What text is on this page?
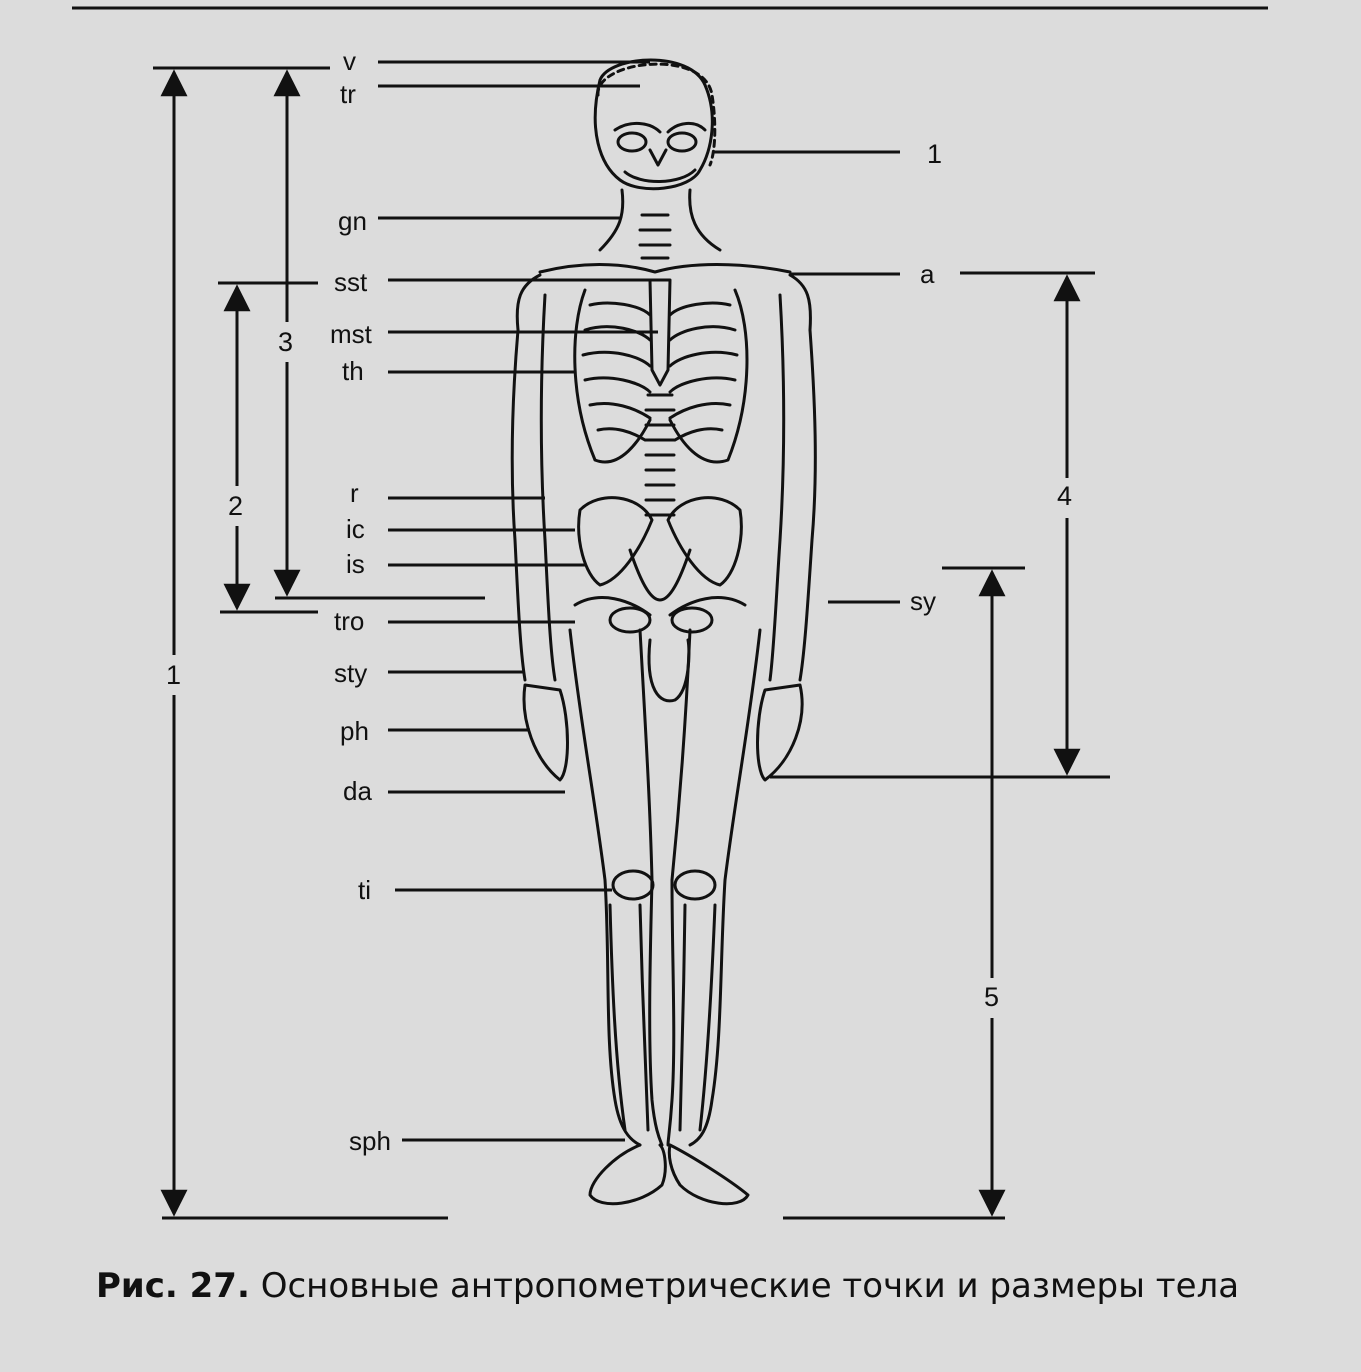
v
tr
gn
sst
mst
th
r
ic
is
tro
sty
ph
da
ti
sph
1
a
sy
1
2
3
4
5
Рис. 27. Основные антропометрические точки и размеры тела
